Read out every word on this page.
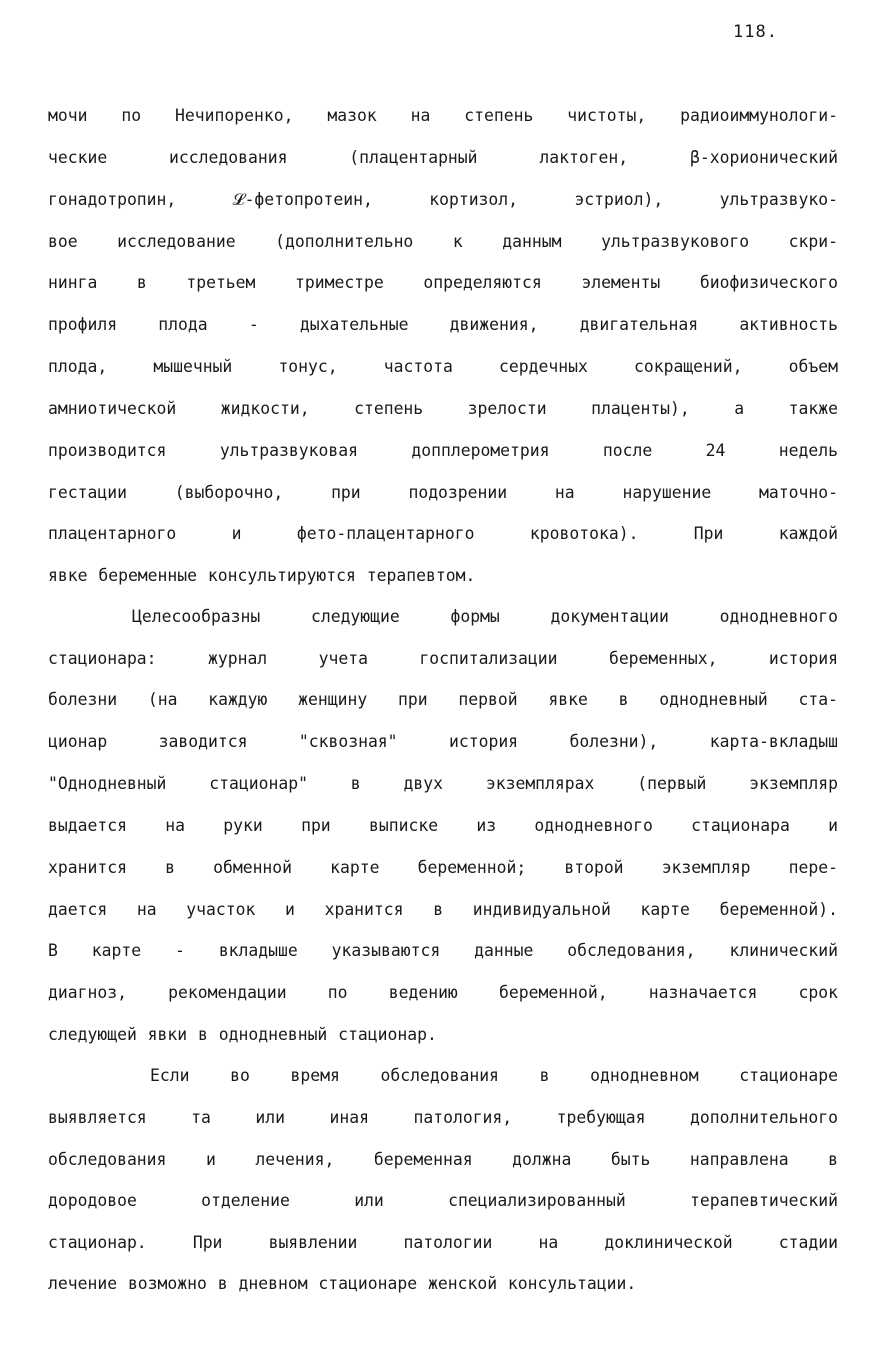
118.
мочи по Нечипоренко, мазок на степень чистоты, радиоиммунологи-
ческие исследования (плацентарный лактоген, β-хорионический
гонадотропин, 𝓛-фетопротеин, кортизол, эстриол), ультразвуко-
вое исследование (дополнительно к данным ультразвукового скри-
нинга в третьем триместре определяются элементы биофизического
профиля плода - дыхательные движения, двигательная активность
плода, мышечный тонус, частота сердечных сокращений, объем
амниотической жидкости, степень зрелости плаценты), а также
производится ультразвуковая допплерометрия после 24 недель
гестации (выборочно, при подозрении на нарушение маточно-
плацентарного и фето-плацентарного кровотока). При каждой
явке беременные консультируются терапевтом.
Целесообразны следующие формы документации однодневного
стационара: журнал учета госпитализации беременных, история
болезни (на каждую женщину при первой явке в однодневный ста-
ционар заводится "сквозная" история болезни), карта-вкладыш
"Однодневный стационар" в двух экземплярах (первый экземпляр
выдается на руки при выписке из однодневного стационара и
хранится в обменной карте беременной; второй экземпляр пере-
дается на участок и хранится в индивидуальной карте беременной).
В карте - вкладыше указываются данные обследования, клинический
диагноз, рекомендации по ведению беременной, назначается срок
следующей явки в однодневный стационар.
Если во время обследования в однодневном стационаре
выявляется та или иная патология, требующая дополнительного
обследования и лечения, беременная должна быть направлена в
дородовое отделение или специализированный терапевтический
стационар. При выявлении патологии на доклинической стадии
лечение возможно в дневном стационаре женской консультации.
